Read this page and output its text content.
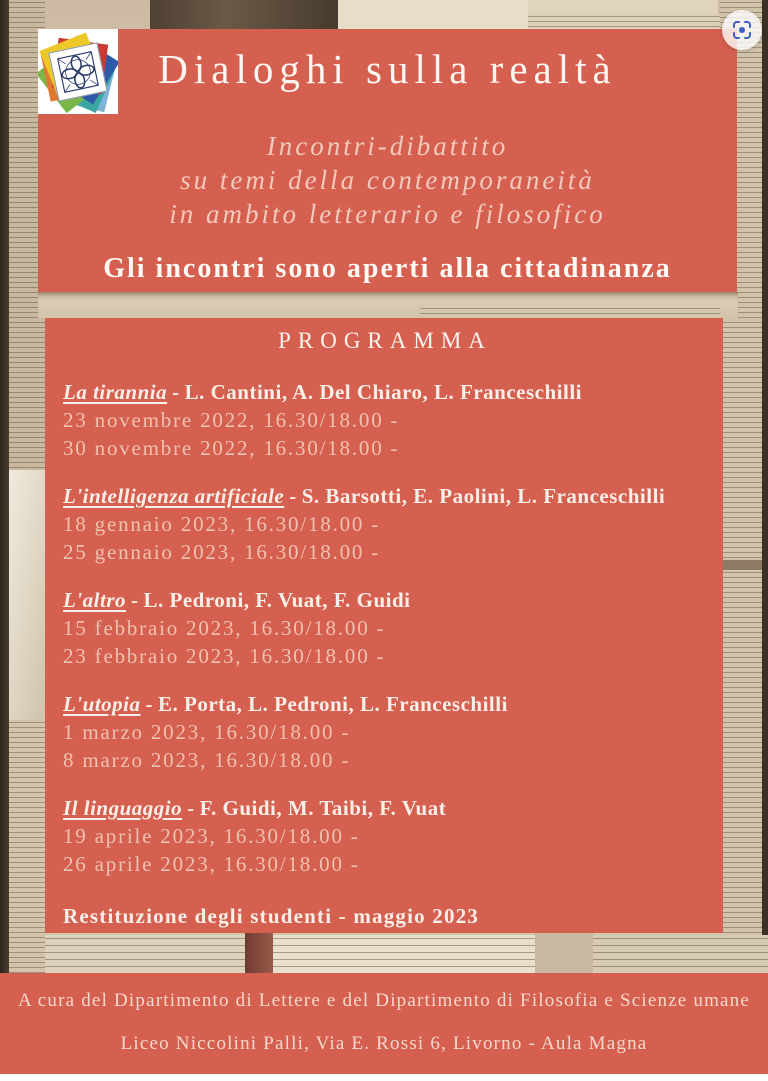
Dialoghi sulla realtà
Incontri-dibattito
su temi della contemporaneità
in ambito letterario e filosofico
Gli incontri sono aperti alla cittadinanza
PROGRAMMA
La tirannia - L. Cantini, A. Del Chiaro, L. Franceschilli
23 novembre 2022, 16.30/18.00 -
30 novembre 2022, 16.30/18.00 -
L'intelligenza artificiale - S. Barsotti, E. Paolini, L. Franceschilli
18 gennaio 2023, 16.30/18.00 -
25 gennaio 2023, 16.30/18.00 -
L'altro - L. Pedroni, F. Vuat, F. Guidi
15 febbraio 2023, 16.30/18.00 -
23 febbraio 2023, 16.30/18.00 -
L'utopia - E. Porta, L. Pedroni, L. Franceschilli
1 marzo 2023, 16.30/18.00 -
8 marzo 2023, 16.30/18.00 -
Il linguaggio - F. Guidi, M. Taibi, F. Vuat
19 aprile 2023, 16.30/18.00 -
26 aprile 2023, 16.30/18.00 -
Restituzione degli studenti - maggio 2023
A cura del Dipartimento di Lettere e del Dipartimento di Filosofia e Scienze umane
Liceo Niccolini Palli, Via E. Rossi 6, Livorno - Aula Magna
